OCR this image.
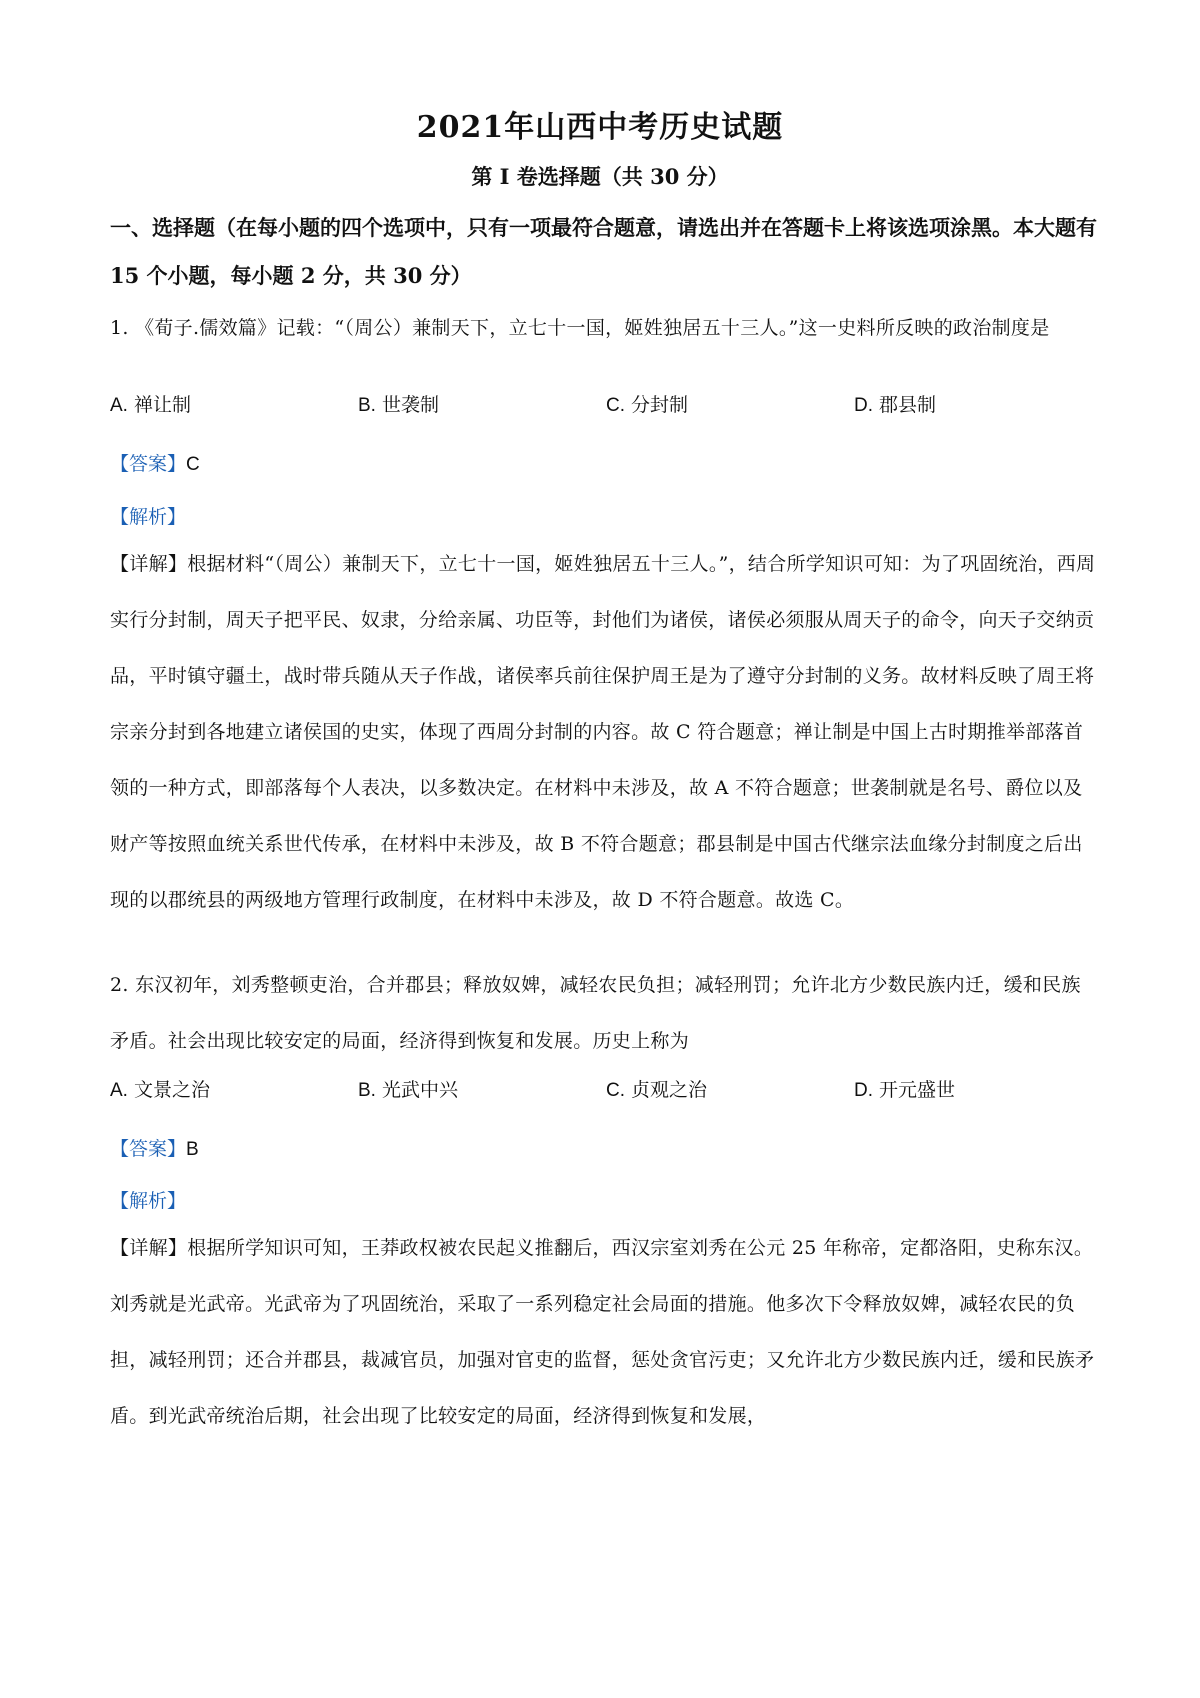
2021年山西中考历史试题
第 I 卷选择题（共 30 分）
一、选择题（在每小题的四个选项中，只有一项最符合题意，请选出并在答题卡上将该选项涂黑。本大题有 15 个小题，每小题 2 分，共 30 分）
1. 《荀子.儒效篇》记载：“（周公）兼制天下，立七十一国，姬姓独居五十三人。”这一史料所反映的政治制度是
A. 禅让制	B. 世袭制	C. 分封制	D. 郡县制
【答案】C
【解析】
【详解】根据材料“（周公）兼制天下，立七十一国，姬姓独居五十三人。”，结合所学知识可知：为了巩固统治，西周实行分封制，周天子把平民、奴隶，分给亲属、功臣等，封他们为诸侯，诸侯必须服从周天子的命令，向天子交纳贡品，平时镇守疆土，战时带兵随从天子作战，诸侯率兵前往保护周王是为了遵守分封制的义务。故材料反映了周王将宗亲分封到各地建立诸侯国的史实，体现了西周分封制的内容。故 C 符合题意；禅让制是中国上古时期推举部落首领的一种方式，即部落每个人表决，以多数决定。在材料中未涉及，故 A 不符合题意；世袭制就是名号、爵位以及财产等按照血统关系世代传承，在材料中未涉及，故 B 不符合题意；郡县制是中国古代继宗法血缘分封制度之后出现的以郡统县的两级地方管理行政制度，在材料中未涉及，故 D 不符合题意。故选 C。
2. 东汉初年，刘秀整顿吏治，合并郡县；释放奴婢，减轻农民负担；减轻刑罚；允许北方少数民族内迁，缓和民族矛盾。社会出现比较安定的局面，经济得到恢复和发展。历史上称为
A. 文景之治	B. 光武中兴	C. 贞观之治	D. 开元盛世
【答案】B
【解析】
【详解】根据所学知识可知，王莽政权被农民起义推翻后，西汉宗室刘秀在公元 25 年称帝，定都洛阳，史称东汉。刘秀就是光武帝。光武帝为了巩固统治，采取了一系列稳定社会局面的措施。他多次下令释放奴婢，减轻农民的负担，减轻刑罚；还合并郡县，裁减官员，加强对官吏的监督，惩处贪官污吏；又允许北方少数民族内迁，缓和民族矛盾。到光武帝统治后期，社会出现了比较安定的局面，经济得到恢复和发展，
